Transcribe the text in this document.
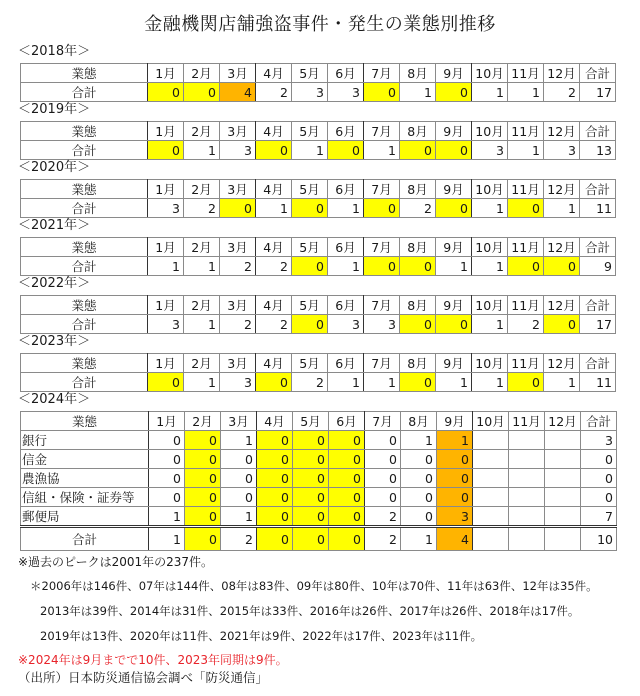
金融機関店舗強盗事件・発生の業態別推移
＜2018年＞
業態	1月	2月	3月	4月	5月	6月	7月	8月	9月	10月	11月	12月	合計
合計	0	0	4	2	3	3	0	1	0	1	1	2	17
＜2019年＞
業態	1月	2月	3月	4月	5月	6月	7月	8月	9月	10月	11月	12月	合計
合計	0	1	3	0	1	0	1	0	0	3	1	3	13
＜2020年＞
業態	1月	2月	3月	4月	5月	6月	7月	8月	9月	10月	11月	12月	合計
合計	3	2	0	1	0	1	0	2	0	1	0	1	11
＜2021年＞
業態	1月	2月	3月	4月	5月	6月	7月	8月	9月	10月	11月	12月	合計
合計	1	1	2	2	0	1	0	0	1	1	0	0	9
＜2022年＞
業態	1月	2月	3月	4月	5月	6月	7月	8月	9月	10月	11月	12月	合計
合計	3	1	2	2	0	3	3	0	0	1	2	0	17
＜2023年＞
業態	1月	2月	3月	4月	5月	6月	7月	8月	9月	10月	11月	12月	合計
合計	0	1	3	0	2	1	1	0	1	1	0	1	11
＜2024年＞
業態	1月	2月	3月	4月	5月	6月	7月	8月	9月	10月	11月	12月	合計
銀行	0	0	1	0	0	0	0	1	1				3
信金	0	0	0	0	0	0	0	0	0				0
農漁協	0	0	0	0	0	0	0	0	0				0
信組・保険・証券等	0	0	0	0	0	0	0	0	0				0
郵便局	1	0	1	0	0	0	2	0	3				7
合計	1	0	2	0	0	0	2	1	4				10
※過去のピークは2001年の237件。
＊2006年は146件、07年は144件、08年は83件、09年は80件、10年は70件、11年は63件、12年は35件。
2013年は39件、2014年は31件、2015年は33件、2016年は26件、2017年は26件、2018年は17件。
2019年は13件、2020年は11件、2021年は9件、2022年は17件、2023年は11件。
※2024年は9月までで10件、2023年同期は9件。
（出所）日本防災通信協会調べ「防災通信」
